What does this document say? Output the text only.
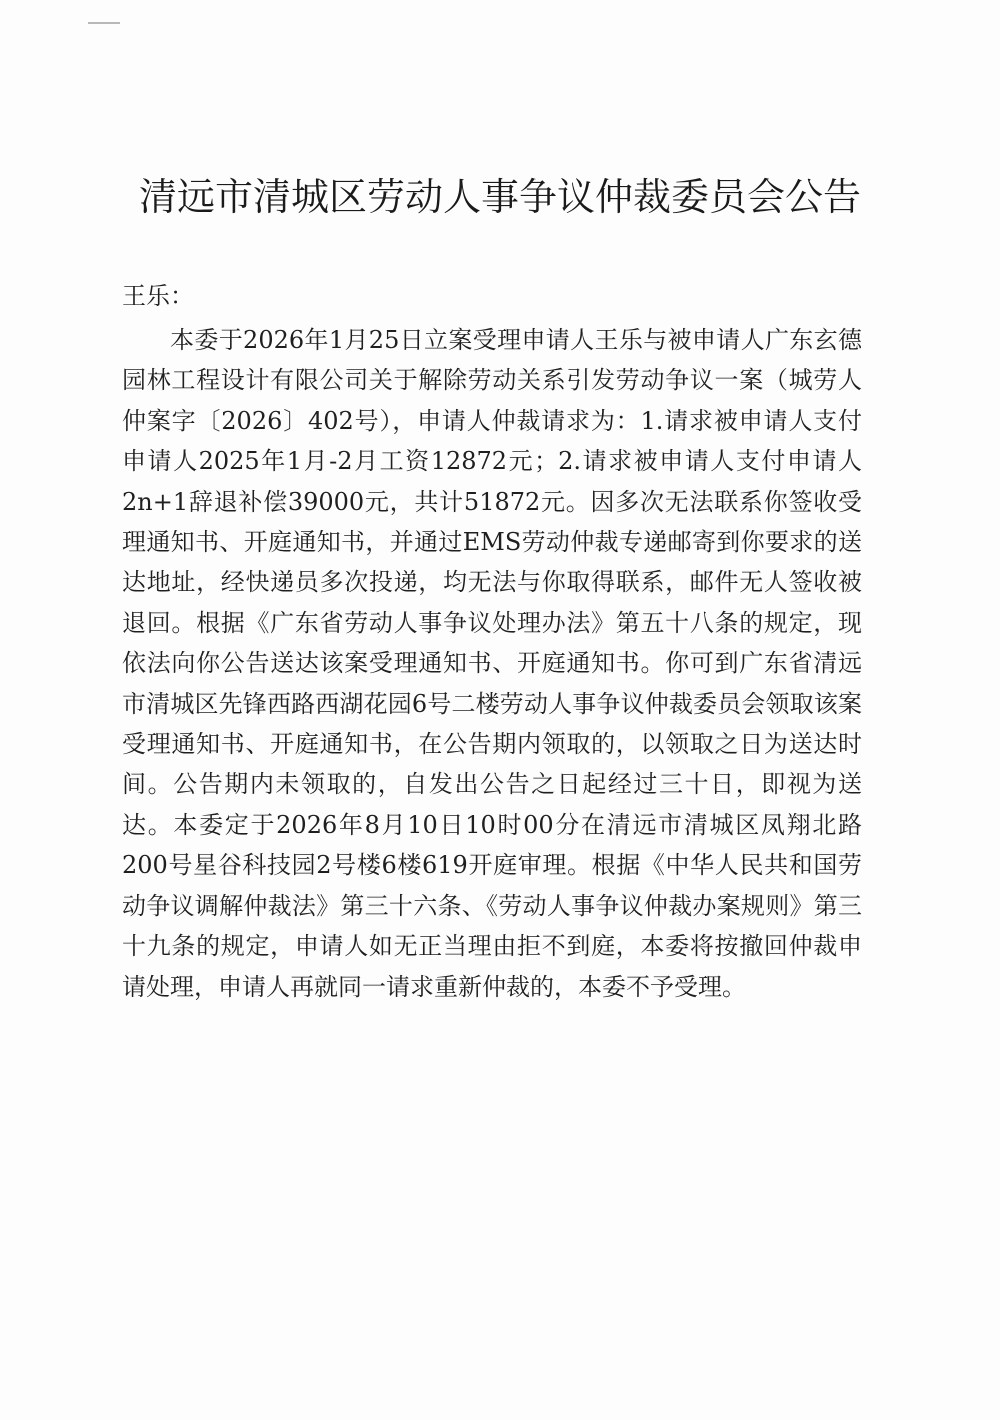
清远市清城区劳动人事争议仲裁委员会公告

王乐：

本委于2026年1月25日立案受理申请人王乐与被申请人广东玄德园林工程设计有限公司关于解除劳动关系引发劳动争议一案（城劳人仲案字〔2026〕402号），申请人仲裁请求为：1.请求被申请人支付申请人2025年1月-2月工资12872元；2.请求被申请人支付申请人2n+1辞退补偿39000元，共计51872元。因多次无法联系你签收受理通知书、开庭通知书，并通过EMS劳动仲裁专递邮寄到你要求的送达地址，经快递员多次投递，均无法与你取得联系，邮件无人签收被退回。根据《广东省劳动人事争议处理办法》第五十八条的规定，现依法向你公告送达该案受理通知书、开庭通知书。你可到广东省清远市清城区先锋西路西湖花园6号二楼劳动人事争议仲裁委员会领取该案受理通知书、开庭通知书，在公告期内领取的，以领取之日为送达时间。公告期内未领取的，自发出公告之日起经过三十日，即视为送达。本委定于2026年8月10日10时00分在清远市清城区凤翔北路200号星谷科技园2号楼6楼619开庭审理。根据《中华人民共和国劳动争议调解仲裁法》第三十六条、《劳动人事争议仲裁办案规则》第三十九条的规定，申请人如无正当理由拒不到庭，本委将按撤回仲裁申请处理，申请人再就同一请求重新仲裁的，本委不予受理。
